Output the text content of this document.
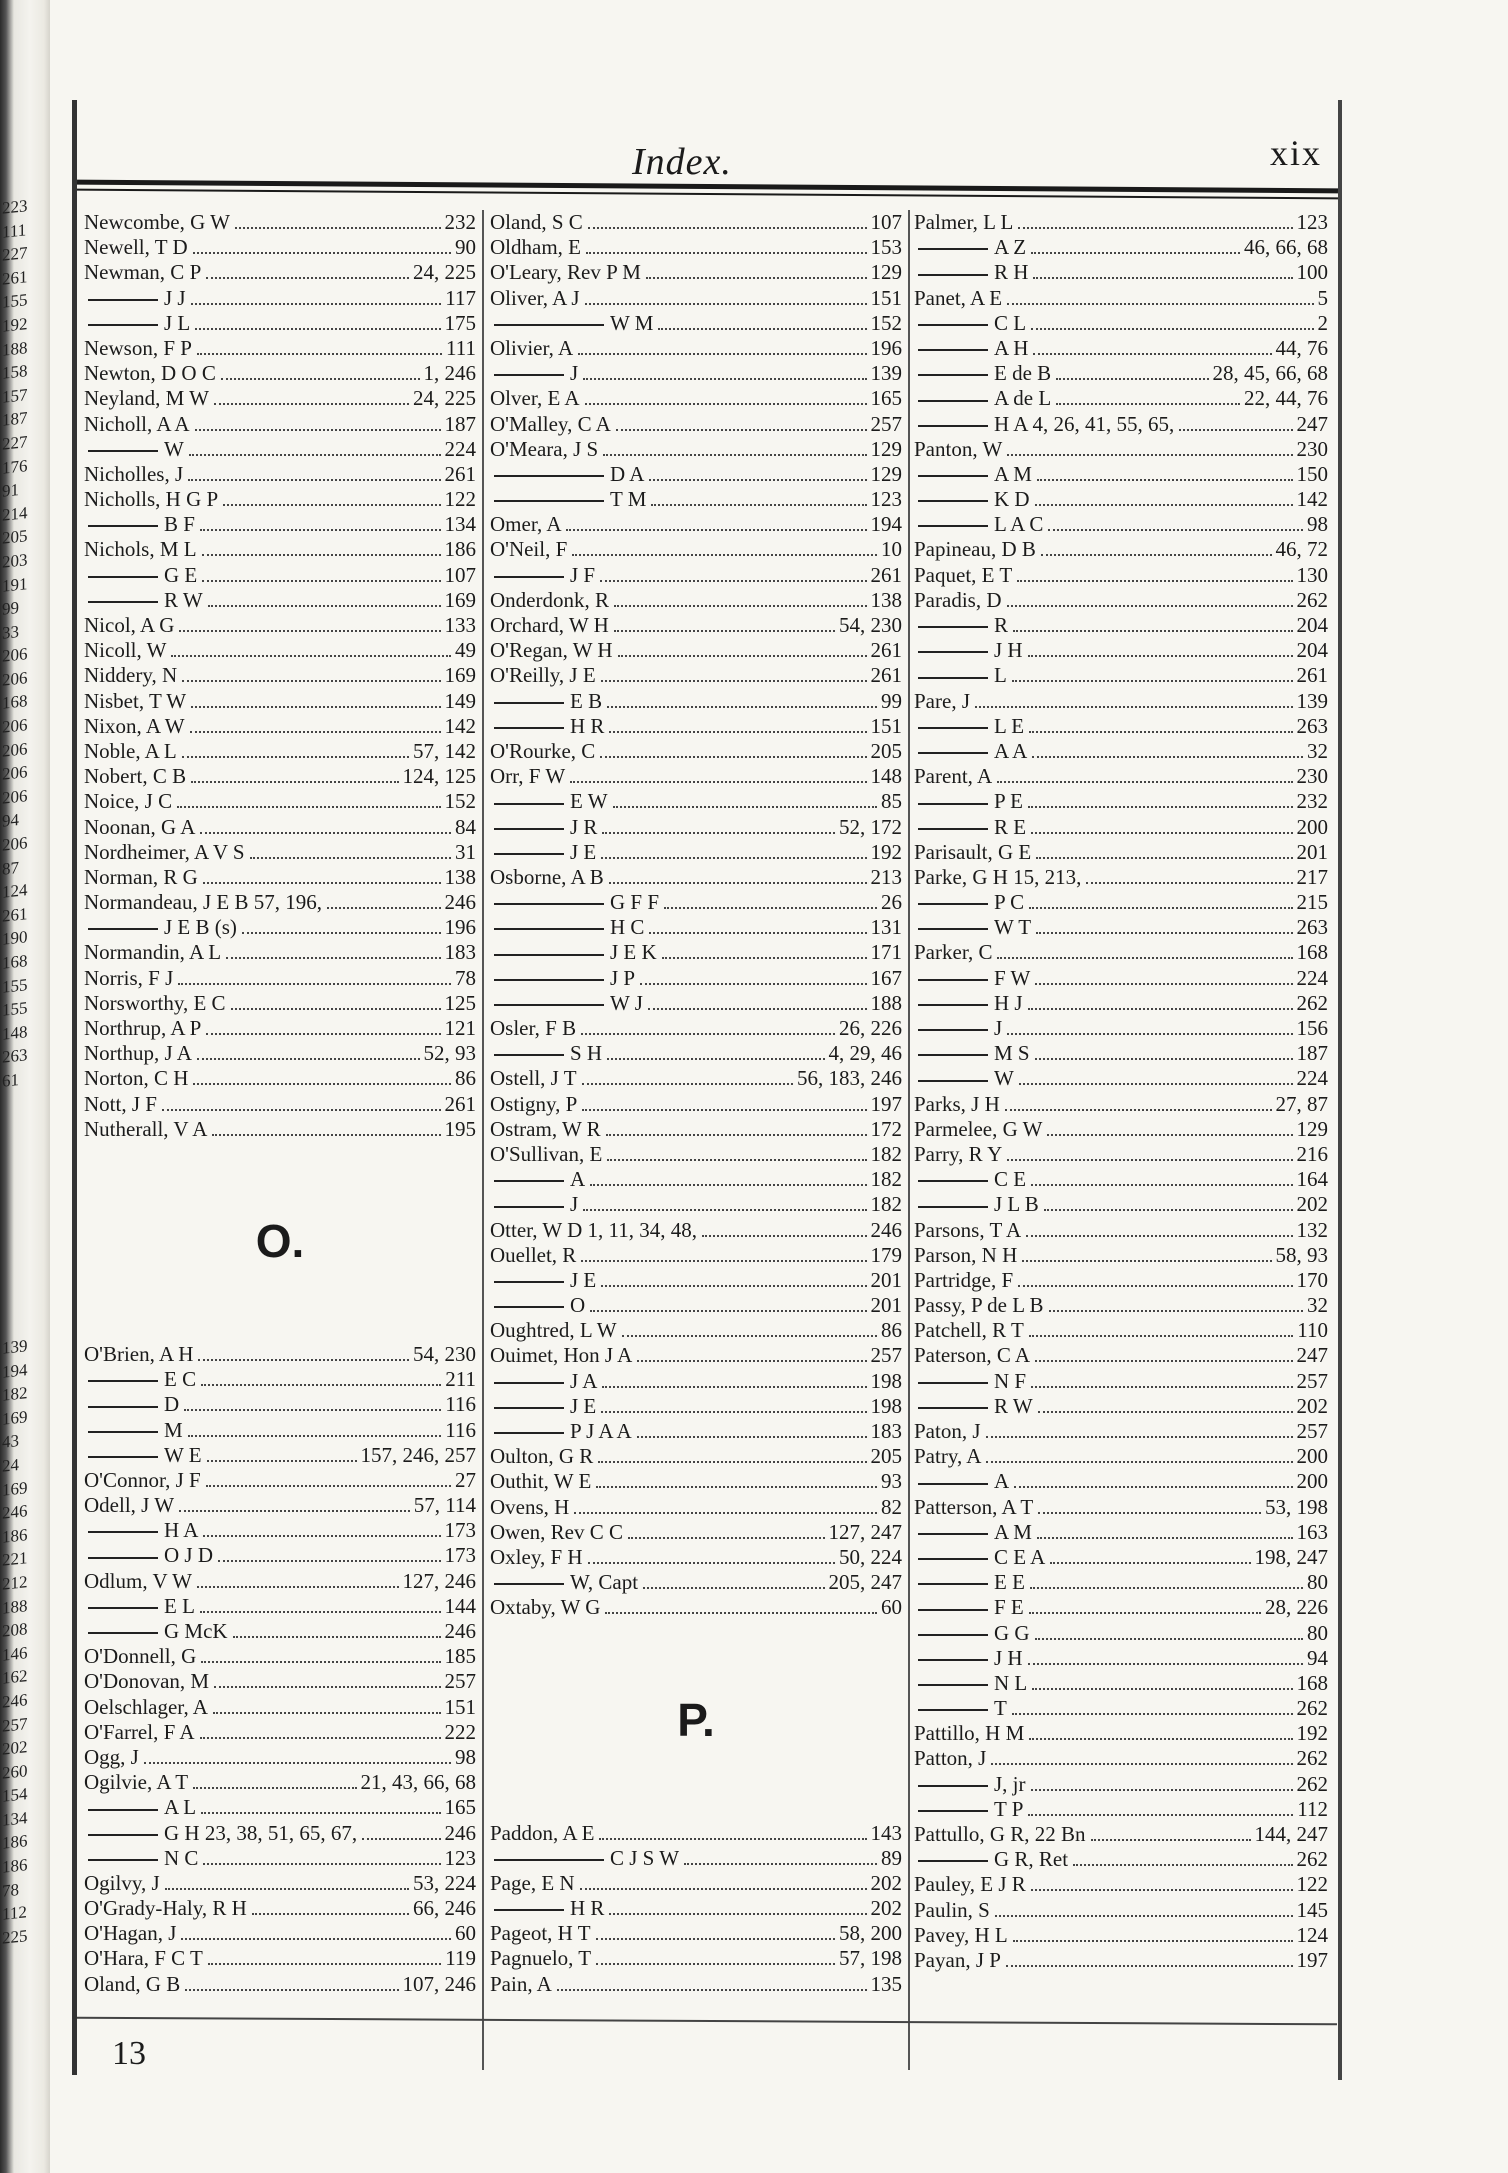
223
111
227
261
155
192
188
158
157
187
227
176
91
214
205
203
191
99
33
206
206
168
206
206
206
206
94
206
87
124
261
190
168
155
155
148
263
61
139
194
182
169
43
24
169
246
186
221
212
188
208
146
162
246
257
202
260
154
134
186
186
78
112
225
Index.	xix
Newcombe, G W	232
Newell, T D	90
Newman, C P	24, 225
J J	117
J L	175
Newson, F P	111
Newton, D O C	1, 246
Neyland, M W	24, 225
Nicholl, A A	187
W	224
Nicholles, J	261
Nicholls, H G P	122
B F	134
Nichols, M L	186
G E	107
R W	169
Nicol, A G	133
Nicoll, W	49
Niddery, N	169
Nisbet, T W	149
Nixon, A W	142
Noble, A L	57, 142
Nobert, C B	124, 125
Noice, J C	152
Noonan, G A	84
Nordheimer, A V S	31
Norman, R G	138
Normandeau, J E B 57, 196,	246
J E B (s)	196
Normandin, A L	183
Norris, F J	78
Norsworthy, E C	125
Northrup, A P	121
Northup, J A	52, 93
Norton, C H	86
Nott, J F	261
Nutherall, V A	195
O.
O'Brien, A H	54, 230
E C	211
D	116
M	116
W E	157, 246, 257
O'Connor, J F	27
Odell, J W	57, 114
H A	173
O J D	173
Odlum, V W	127, 246
E L	144
G McK	246
O'Donnell, G	185
O'Donovan, M	257
Oelschlager, A	151
O'Farrel, F A	222
Ogg, J	98
Ogilvie, A T	21, 43, 66, 68
A L	165
G H 23, 38, 51, 65, 67,	246
N C	123
Ogilvy, J	53, 224
O'Grady-Haly, R H	66, 246
O'Hagan, J	60
O'Hara, F C T	119
Oland, G B	107, 246
Oland, S C	107
Oldham, E	153
O'Leary, Rev P M	129
Oliver, A J	151
W M	152
Olivier, A	196
J	139
Olver, E A	165
O'Malley, C A	257
O'Meara, J S	129
D A	129
T M	123
Omer, A	194
O'Neil, F	10
J F	261
Onderdonk, R	138
Orchard, W H	54, 230
O'Regan, W H	261
O'Reilly, J E	261
E B	99
H R	151
O'Rourke, C	205
Orr, F W	148
E W	85
J R	52, 172
J E	192
Osborne, A B	213
G F F	26
H C	131
J E K	171
J P	167
W J	188
Osler, F B	26, 226
S H	4, 29, 46
Ostell, J T	56, 183, 246
Ostigny, P	197
Ostram, W R	172
O'Sullivan, E	182
A	182
J	182
Otter, W D 1, 11, 34, 48,	246
Ouellet, R	179
J E	201
O	201
Oughtred, L W	86
Ouimet, Hon J A	257
J A	198
J E	198
P J A A	183
Oulton, G R	205
Outhit, W E	93
Ovens, H	82
Owen, Rev C C	127, 247
Oxley, F H	50, 224
W, Capt	205, 247
Oxtaby, W G	60
P.
Paddon, A E	143
C J S W	89
Page, E N	202
H R	202
Pageot, H T	58, 200
Pagnuelo, T	57, 198
Pain, A	135
Palmer, L L	123
A Z	46, 66, 68
R H	100
Panet, A E	5
C L	2
A H	44, 76
E de B	28, 45, 66, 68
A de L	22, 44, 76
H A 4, 26, 41, 55, 65,	247
Panton, W	230
A M	150
K D	142
L A C	98
Papineau, D B	46, 72
Paquet, E T	130
Paradis, D	262
R	204
J H	204
L	261
Pare, J	139
L E	263
A A	32
Parent, A	230
P E	232
R E	200
Parisault, G E	201
Parke, G H 15, 213,	217
P C	215
W T	263
Parker, C	168
F W	224
H J	262
J	156
M S	187
W	224
Parks, J H	27, 87
Parmelee, G W	129
Parry, R Y	216
C E	164
J L B	202
Parsons, T A	132
Parson, N H	58, 93
Partridge, F	170
Passy, P de L B	32
Patchell, R T	110
Paterson, C A	247
N F	257
R W	202
Paton, J	257
Patry, A	200
A	200
Patterson, A T	53, 198
A M	163
C E A	198, 247
E E	80
F E	28, 226
G G	80
J H	94
N L	168
T	262
Pattillo, H M	192
Patton, J	262
J, jr	262
T P	112
Pattullo, G R, 22 Bn	144, 247
G R, Ret	262
Pauley, E J R	122
Paulin, S	145
Pavey, H L	124
Payan, J P	197
13
